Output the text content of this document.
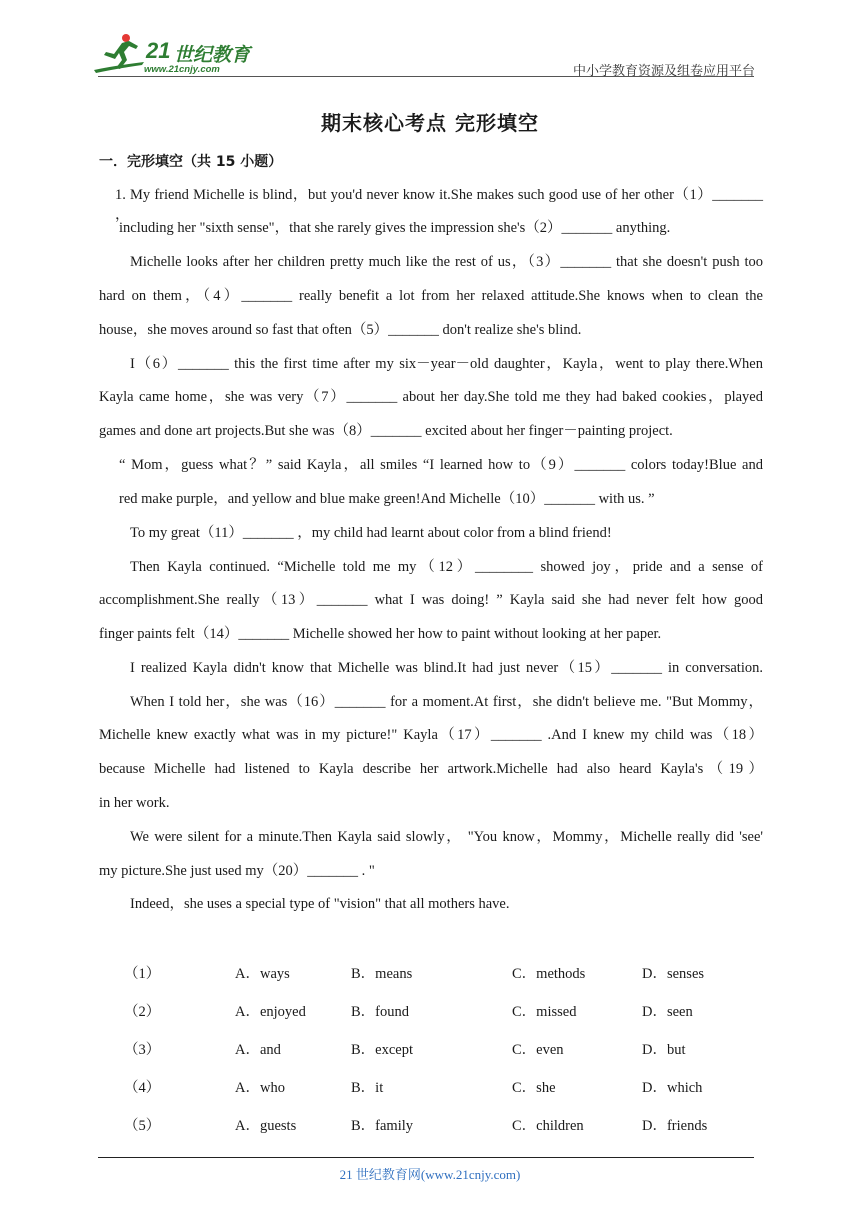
21 世纪教育
www.21cnjy.com	中小学教育资源及组卷应用平台
期末核心考点 完形填空
一．完形填空（共 15 小题）
1. My friend Michelle is blind，but you'd never know it.She makes such good use of her other（1）_______ ，
including her "sixth sense"，that she rarely gives the impression she's（2）_______ anything.
Michelle looks after her children pretty much like the rest of us，（3）_______ that she doesn't push too
hard on them，（4）_______ really benefit a lot from her relaxed attitude.She knows when to clean the
house，she moves around so fast that often（5）_______ don't realize she's blind.
I（6）_______ this the first time after my six－year－old daughter，Kayla，went to play there.When
Kayla came home，she was very（7）_______ about her day.She told me they had baked cookies，played
games and done art projects.But she was（8）_______ excited about her finger－painting project.
“ Mom，guess what？” said Kayla，all smiles “I learned how to（9）_______ colors today!Blue and
red make purple，and yellow and blue make green!And Michelle（10）_______ with us. ”
To my great（11）_______ ，my child had learnt about color from a blind friend!
Then Kayla continued. “Michelle told me my（12）________ showed joy，pride and a sense of
accomplishment.She really（13）_______ what I was doing! ” Kayla said she had never felt how good
finger paints felt（14）_______ Michelle showed her how to paint without looking at her paper.
I realized Kayla didn't know that Michelle was blind.It had just never（15）_______ in conversation.
When I told her，she was（16）_______ for a moment.At first，she didn't believe me. "But Mommy，
Michelle knew exactly what was in my picture!" Kayla（17）_______ .And I knew my child was（18）
because Michelle had listened to Kayla describe her artwork.Michelle had also heard Kayla's（19）
in her work.
We were silent for a minute.Then Kayla said slowly， "You know，Mommy，Michelle really did 'see'
my picture.She just used my（20）_______ . "
Indeed，she uses a special type of "vision" that all mothers have.
（1）	A．ways	B．means	C．methods	D．senses
（2）	A．enjoyed	B．found	C．missed	D．seen
（3）	A．and	B．except	C．even	D．but
（4）	A．who	B．it	C．she	D．which
（5）	A．guests	B．family	C．children	D．friends
21 世纪教育网(www.21cnjy.com)
